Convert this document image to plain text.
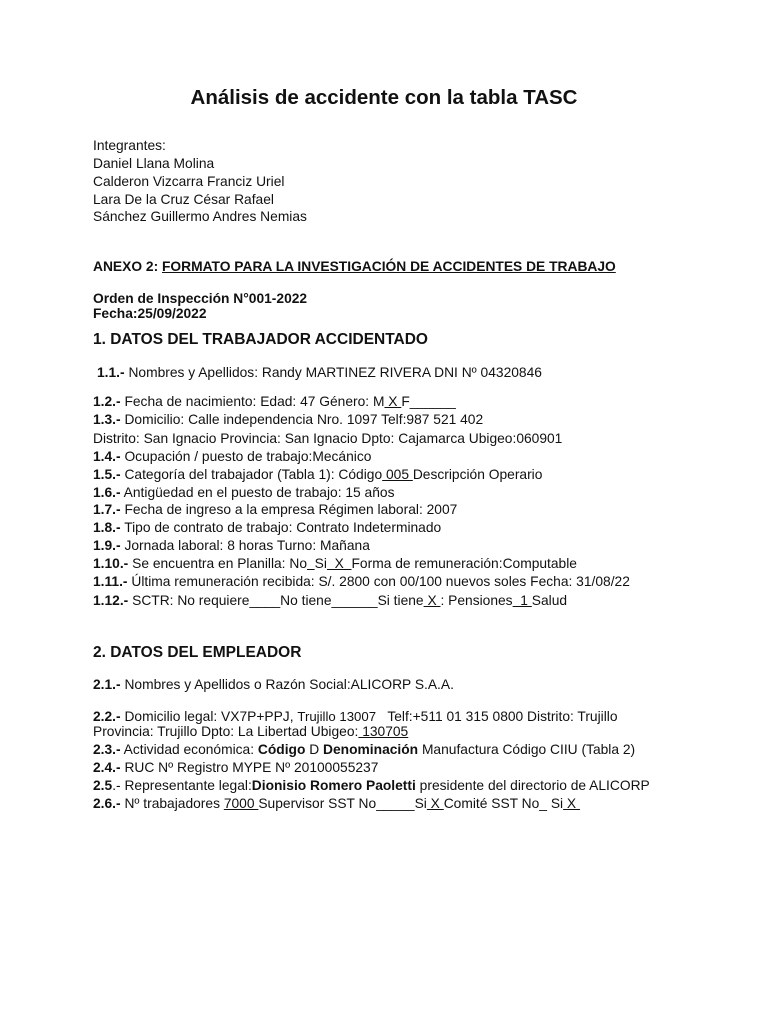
Análisis de accidente con la tabla TASC
Integrantes:
Daniel Llana Molina
Calderon Vizcarra Franciz Uriel
Lara De la Cruz César Rafael
Sánchez Guillermo Andres Nemias
ANEXO 2: FORMATO PARA LA INVESTIGACIÓN DE ACCIDENTES DE TRABAJO
Orden de Inspección N°001-2022
Fecha:25/09/2022
1. DATOS DEL TRABAJADOR ACCIDENTADO
1.1.- Nombres y Apellidos: Randy MARTINEZ RIVERA DNI Nº 04320846
1.2.- Fecha de nacimiento: Edad: 47 Género: M X F______
1.3.- Domicilio: Calle independencia Nro. 1097 Telf:987 521 402
Distrito: San Ignacio Provincia: San Ignacio Dpto: Cajamarca Ubigeo:060901
1.4.- Ocupación / puesto de trabajo:Mecánico
1.5.- Categoría del trabajador (Tabla 1): Código 005 Descripción Operario
1.6.- Antigüedad en el puesto de trabajo: 15 años
1.7.- Fecha de ingreso a la empresa Régimen laboral: 2007
1.8.- Tipo de contrato de trabajo: Contrato Indeterminado
1.9.- Jornada laboral: 8 horas Turno: Mañana
1.10.- Se encuentra en Planilla: No Si  X  Forma de remuneración:Computable
1.11.- Última remuneración recibida: S/. 2800 con 00/100 nuevos soles Fecha: 31/08/22
1.12.- SCTR: No requiere____No tiene______Si tiene X : Pensiones  1 Salud
2. DATOS DEL EMPLEADOR
2.1.- Nombres y Apellidos o Razón Social:ALICORP S.A.A.
2.2.- Domicilio legal: VX7P+PPJ, Trujillo 13007   Telf:+511 01 315 0800 Distrito: Trujillo
Provincia: Trujillo Dpto: La Libertad Ubigeo: 130705
2.3.- Actividad económica: Código D Denominación Manufactura Código CIIU (Tabla 2)
2.4.- RUC Nº Registro MYPE Nº 20100055237
2.5.- Representante legal:Dionisio Romero Paoletti presidente del directorio de ALICORP
2.6.- Nº trabajadores 7000 Supervisor SST No_____Si X Comité SST No_ Si X
